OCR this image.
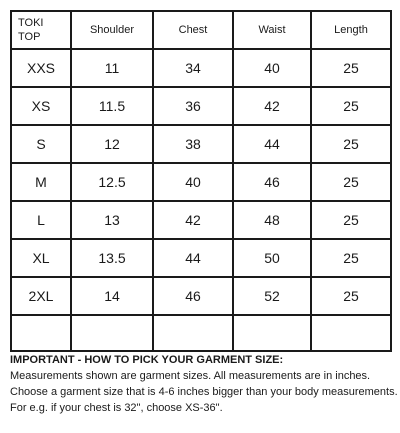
TOKI
TOP	Shoulder	Chest	Waist	Length
XXS	11	34	40	25
XS	11.5	36	42	25
S	12	38	44	25
M	12.5	40	46	25
L	13	42	48	25
XL	13.5	44	50	25
2XL	14	46	52	25

IMPORTANT - HOW TO PICK YOUR GARMENT SIZE:
Measurements shown are garment sizes. All measurements are in inches.
Choose a garment size that is 4-6 inches bigger than your body measurements.
For e.g. if your chest is 32", choose XS-36".
